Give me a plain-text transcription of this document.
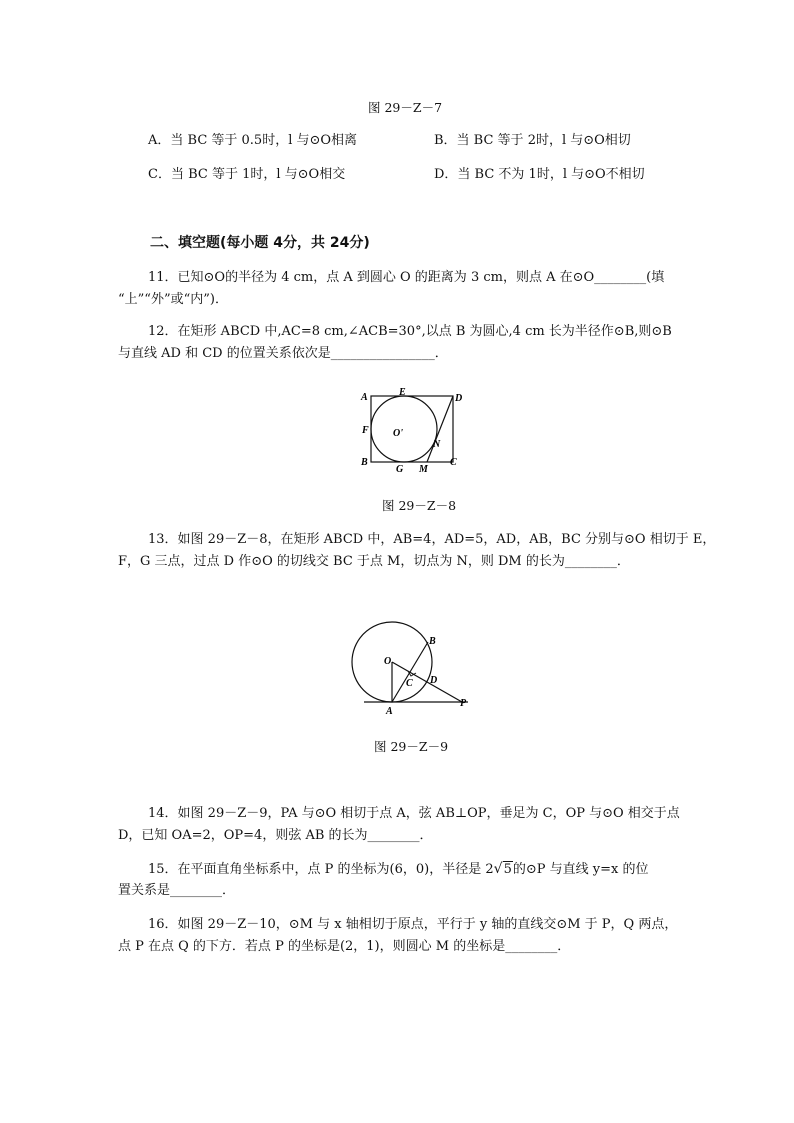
图 29－Z－7
A．当 BC 等于 0.5时，l 与⊙O相离	B．当 BC 等于 2时，l 与⊙O相切
C．当 BC 等于 1时，l 与⊙O相交	D．当 BC 不为 1时，l 与⊙O不相切
二、填空题(每小题 4分，共 24分)
11．已知⊙O的半径为 4 cm，点 A 到圆心 O 的距离为 3 cm，则点 A 在⊙O________(填
“上”“外”或“内”)．
12．在矩形 ABCD 中,AC=8 cm,∠ACB=30°,以点 B 为圆心,4 cm 长为半径作⊙B,则⊙B
与直线 AD 和 CD 的位置关系依次是________________．
A	E
D
F O'
N
B
G M
C
图 29－Z－8
13．如图 29－Z－8，在矩形 ABCD 中，AB=4，AD=5，AD，AB，BC 分别与⊙O 相切于 E，
F，G 三点，过点 D 作⊙O 的切线交 BC 于点 M，切点为 N，则 DM 的长为________．
O
B
C D
A
P
图 29－Z－9
14．如图 29－Z－9，PA 与⊙O 相切于点 A，弦 AB⊥OP，垂足为 C，OP 与⊙O 相交于点
D，已知 OA=2，OP=4，则弦 AB 的长为________．
15．在平面直角坐标系中，点 P 的坐标为(6，0)，半径是 2√5的⊙P 与直线 y=x 的位
置关系是________．
16．如图 29－Z－10，⊙M 与 x 轴相切于原点，平行于 y 轴的直线交⊙M 于 P，Q 两点，
点 P 在点 Q 的下方．若点 P 的坐标是(2，1)，则圆心 M 的坐标是________．
